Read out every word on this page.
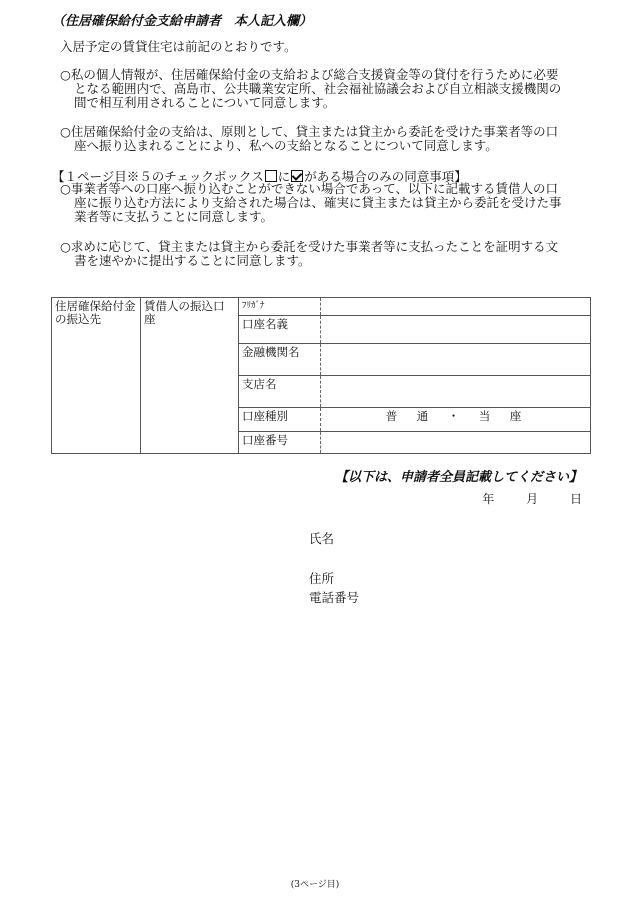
（住居確保給付金支給申請者　本人記入欄）
入居予定の賃貸住宅は前記のとおりです。
○私の個人情報が、住居確保給付金の支給および総合支援資金等の貸付を行うために必要
となる範囲内で、高島市、公共職業安定所、社会福祉協議会および自立相談支援機関の
間で相互利用されることについて同意します。
○住居確保給付金の支給は、原則として、貸主または貸主から委託を受けた事業者等の口
座へ振り込まれることにより、私への支給となることについて同意します。
【１ページ目※５のチェックボックス に がある場合のみの同意事項】
○事業者等への口座へ振り込むことができない場合であって、以下に記載する賃借人の口
座に振り込む方法により支給された場合は、確実に貸主または貸主から委託を受けた事
業者等に支払うことに同意します。
○求めに応じて、貸主または貸主から委託を受けた事業者等に支払ったことを証明する文
書を速やかに提出することに同意します。
住居確保給付金の振込先	賃借人の振込口座	ﾌﾘｶﾞﾅ	
		口座名義	
		金融機関名	
		支店名	
		口座種別	普　通　・　当　座
		口座番号	
【以下は、申請者全員記載してください】
年	月	日
氏名
住所
電話番号
(3ページ目)
